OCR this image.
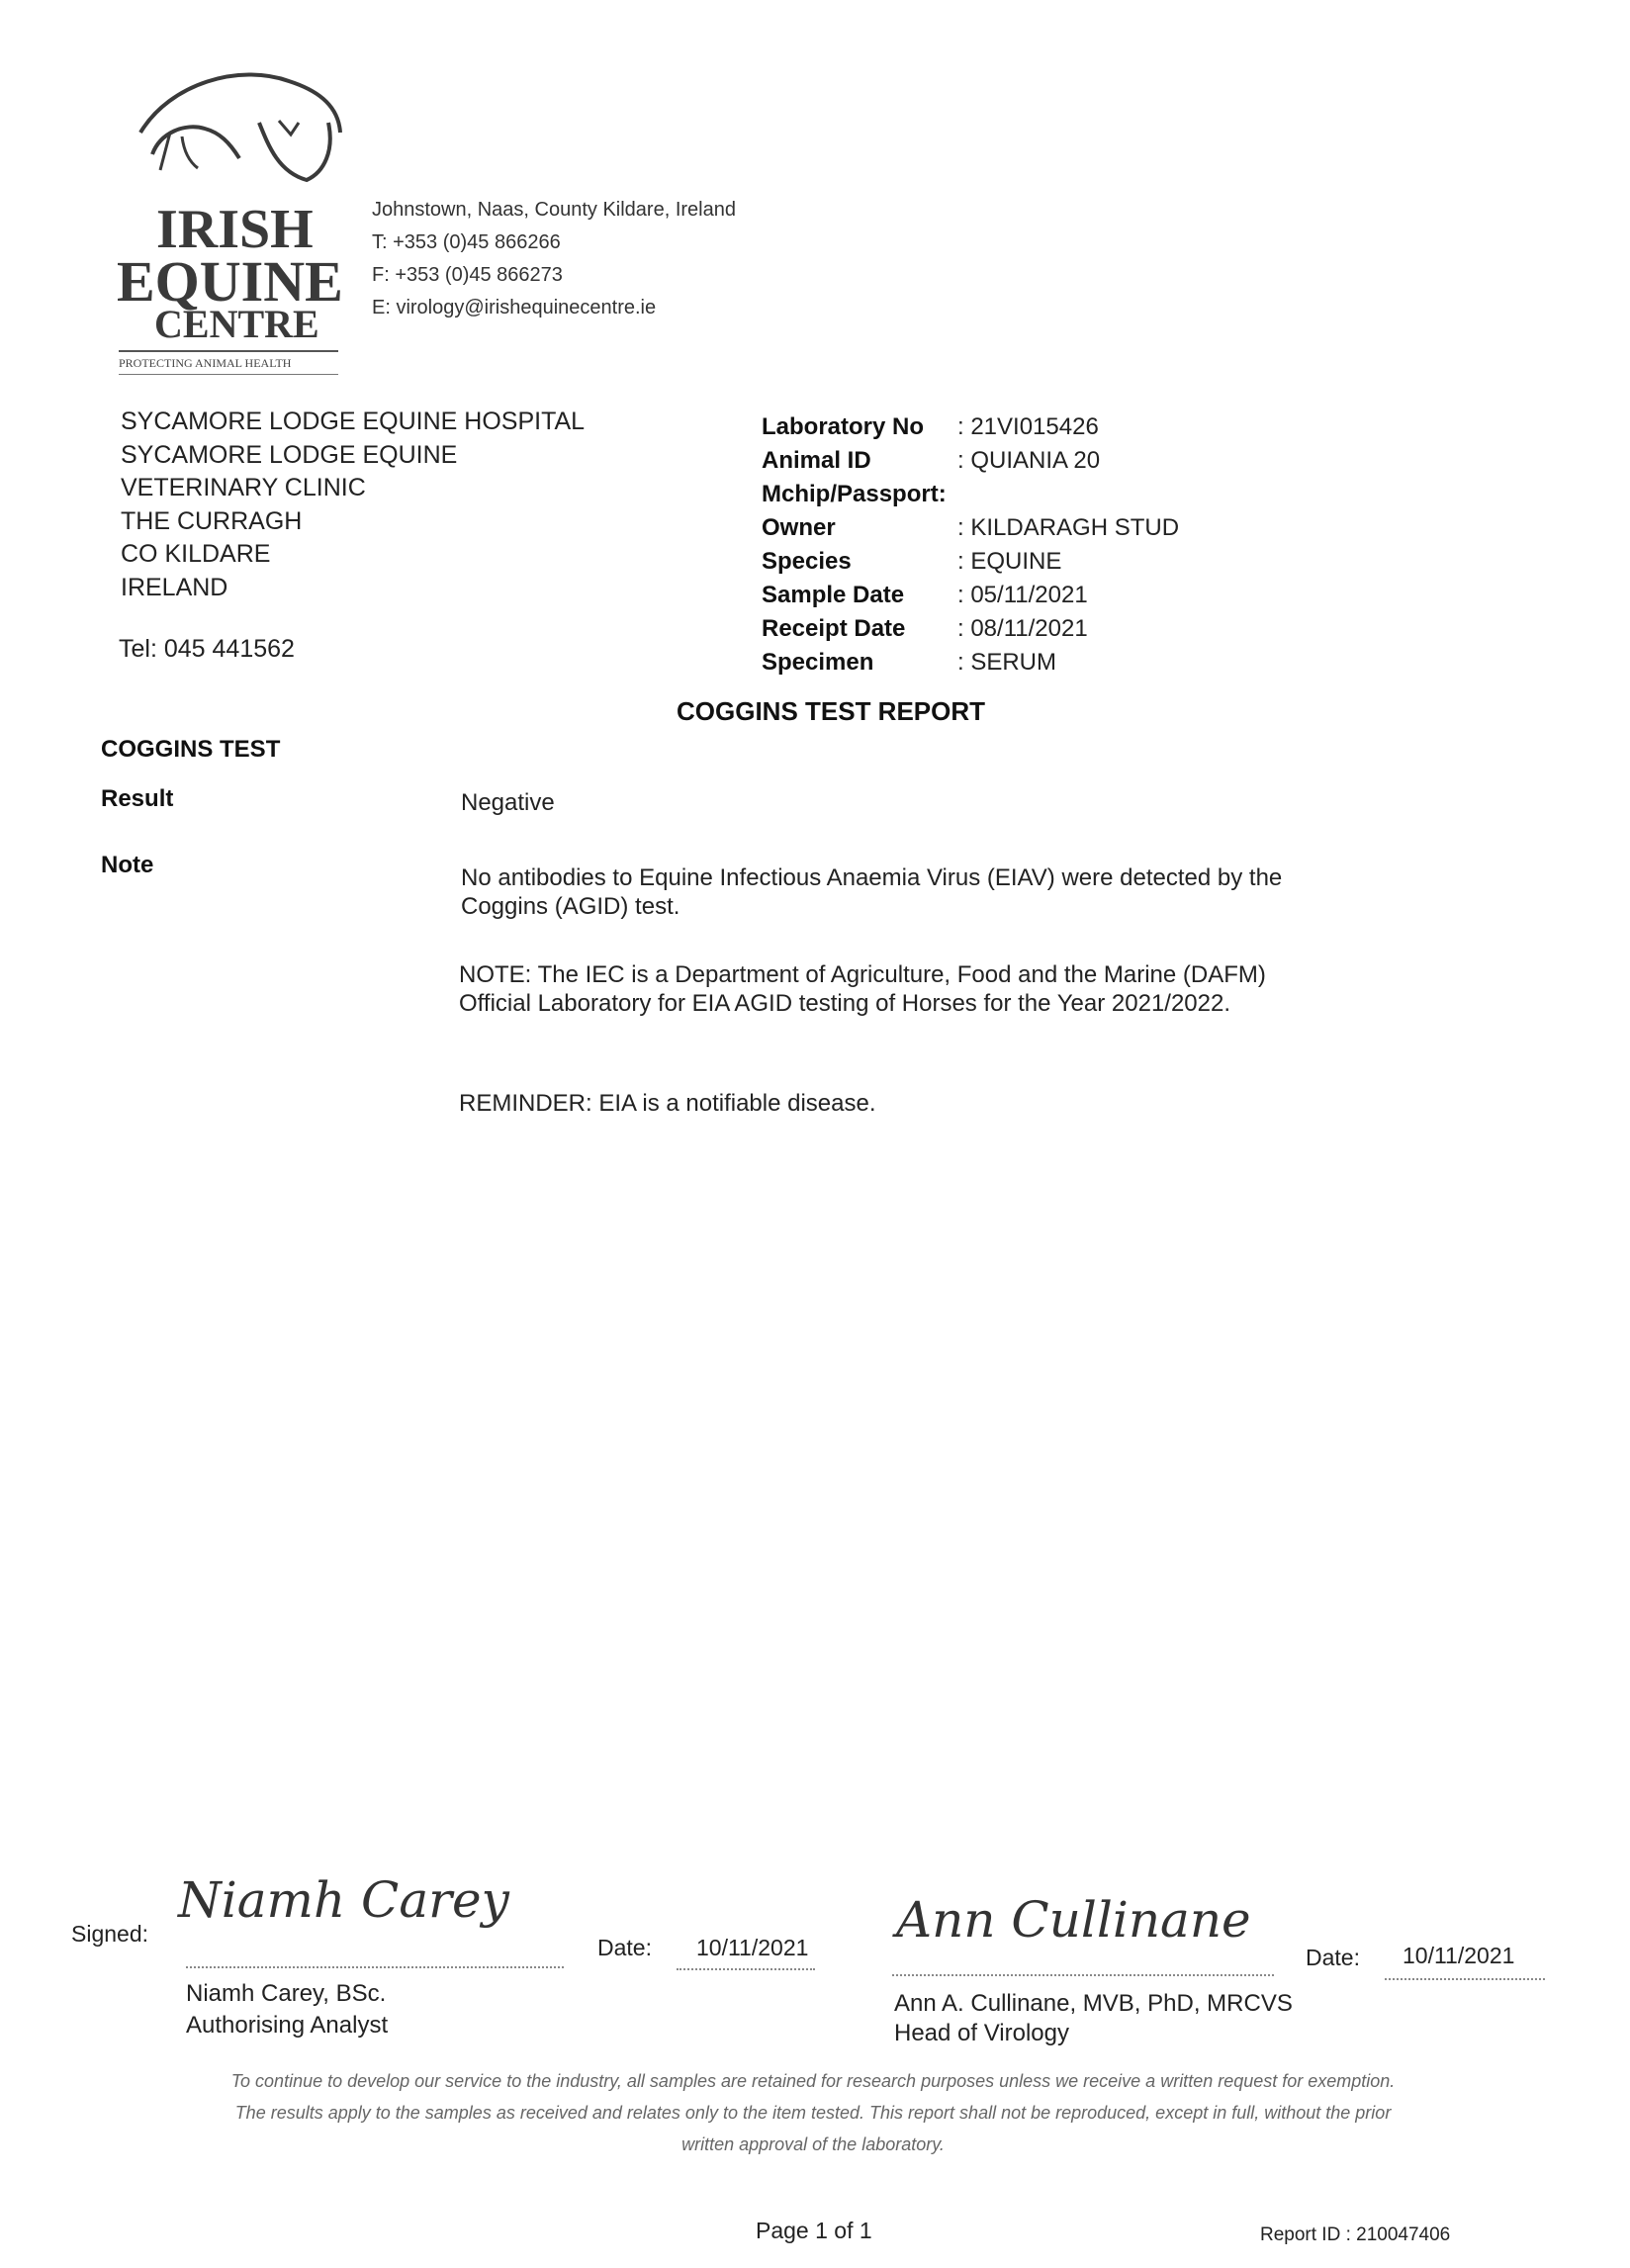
IRISH
EQUINE
CENTRE
PROTECTING ANIMAL HEALTH
Johnstown, Naas, County Kildare, Ireland
T: +353 (0)45 866266
F: +353 (0)45 866273
E: virology@irishequinecentre.ie
SYCAMORE LODGE EQUINE HOSPITAL
SYCAMORE LODGE EQUINE
VETERINARY CLINIC
THE CURRAGH
CO KILDARE
IRELAND
Tel: 045 441562
Laboratory No : 21VI015426
Animal ID	: QUIANIA 20
Mchip/Passport:
Owner	: KILDARAGH STUD
Species	: EQUINE
Sample Date : 05/11/2021
Receipt Date : 08/11/2021
Specimen	: SERUM
COGGINS TEST REPORT
COGGINS TEST
Result	Negative
Note	No antibodies to Equine Infectious Anaemia Virus (EIAV) were detected by the Coggins (AGID) test.
NOTE: The IEC is a Department of Agriculture, Food and the Marine (DAFM) Official Laboratory for EIA AGID testing of Horses for the Year 2021/2022.
REMINDER: EIA is a notifiable disease.
Signed:
Niamh Carey
Date: 10/11/2021
Niamh Carey, BSc.
Authorising Analyst
Ann Cullinane
Date: 10/11/2021
Ann A. Cullinane, MVB, PhD, MRCVS
Head of Virology
To continue to develop our service to the industry, all samples are retained for research purposes unless we receive a written request for exemption.
The results apply to the samples as received and relates only to the item tested. This report shall not be reproduced, except in full, without the prior
written approval of the laboratory.
Page 1 of 1	Report ID : 210047406
